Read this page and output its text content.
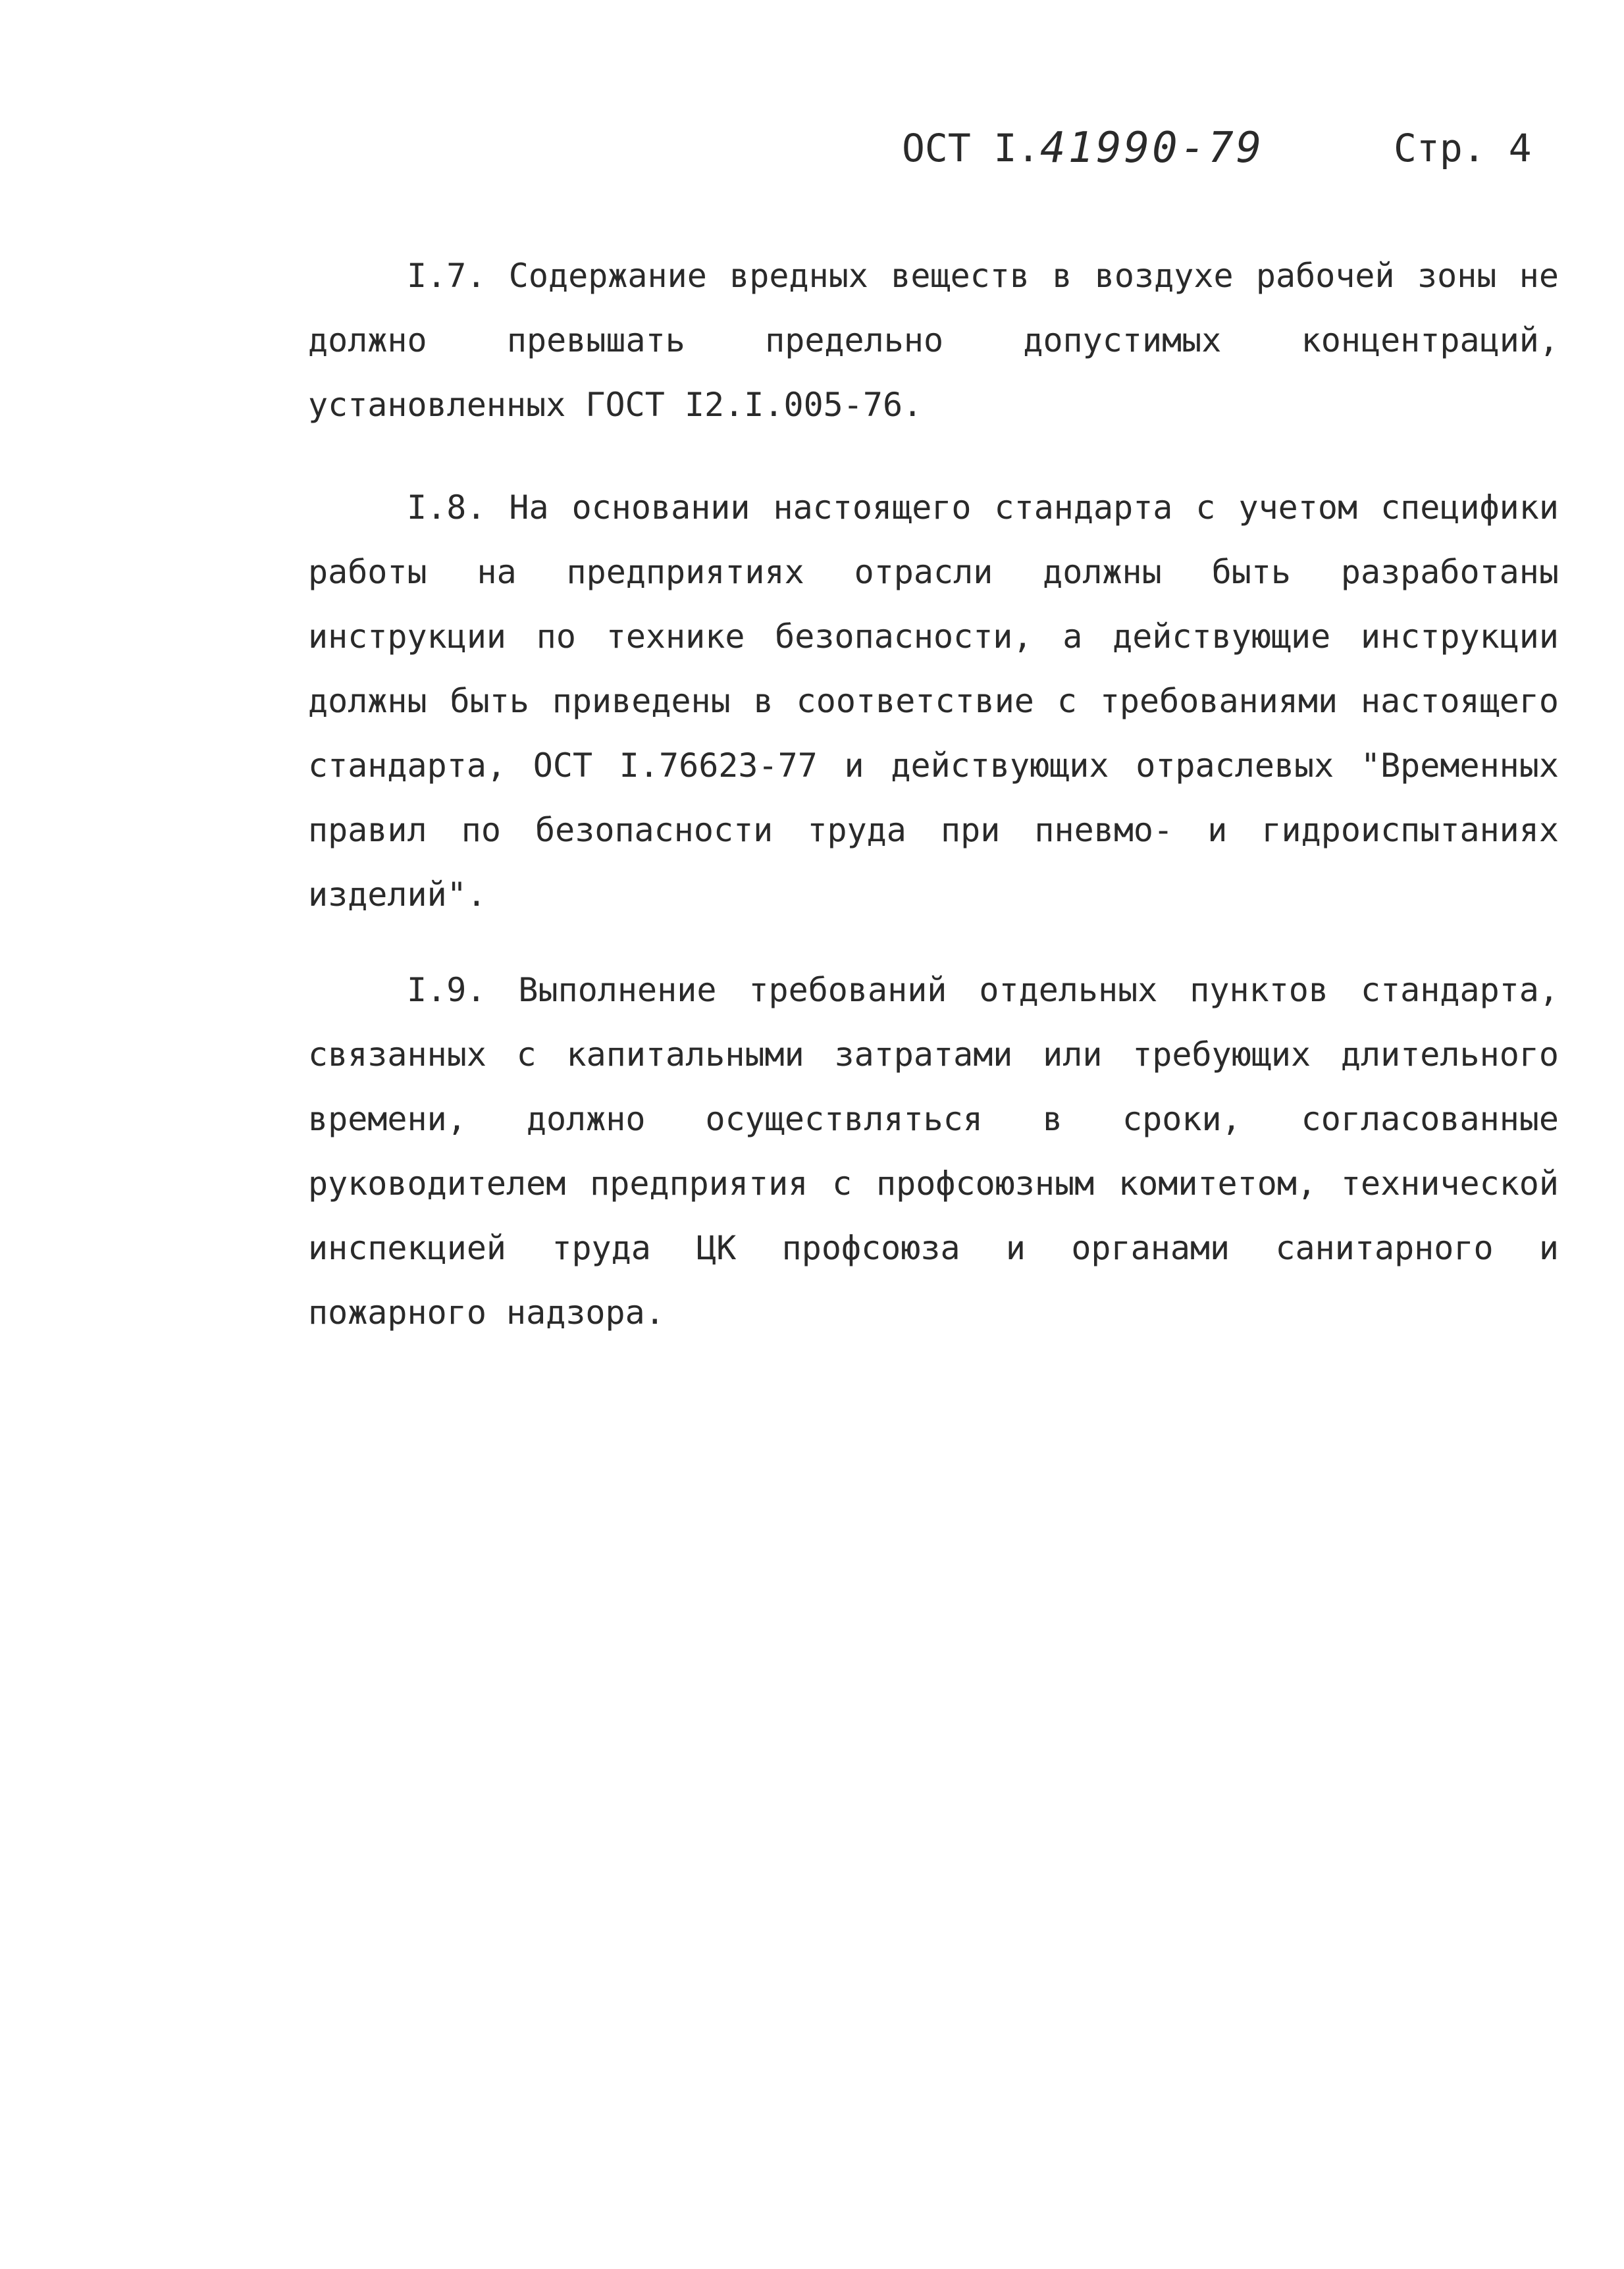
ОСТ I. 41990-79	Стр. 4
I.7. Содержание вредных веществ в воздухе рабочей зоны не должно превышать предельно допустимых концентраций, установленных ГОСТ I2.I.005-76.
I.8. На основании настоящего стандарта с учетом специфики работы на предприятиях отрасли должны быть разработаны инструкции по технике безопасности, а действующие инструкции должны быть приведены в соответствие с требованиями настоящего стандарта, ОСТ I.76623-77 и действующих отраслевых "Временных правил по безопасности труда при пневмо- и гидроиспытаниях изделий".
I.9. Выполнение требований отдельных пунктов стандарта, связанных с капитальными затратами или требующих длительного времени, должно осуществляться в сроки, согласованные руководителем предприятия с профсоюзным комитетом, технической инспекцией труда ЦК профсоюза и органами санитарного и пожарного надзора.
